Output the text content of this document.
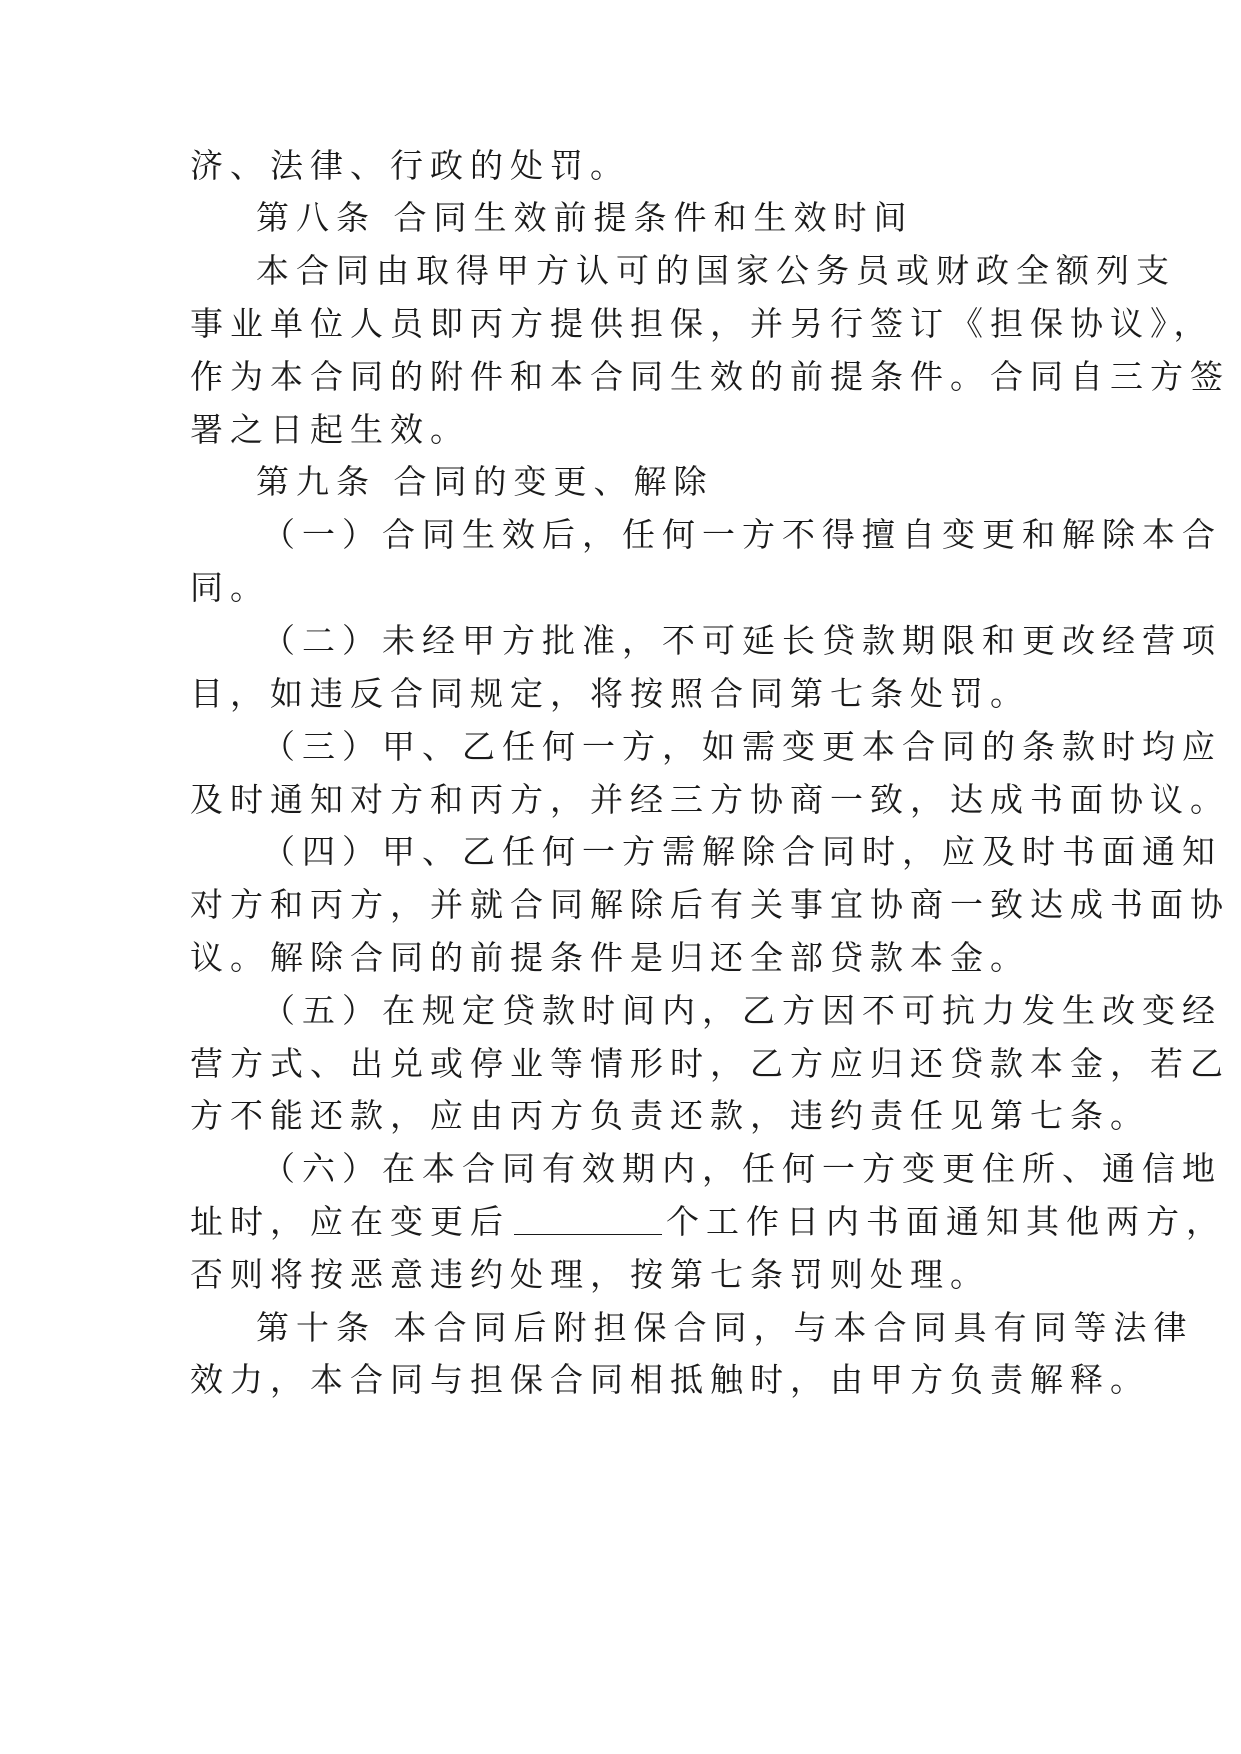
济、法律、行政的处罚。
第八条 合同生效前提条件和生效时间
本合同由取得甲方认可的国家公务员或财政全额列支
事业单位人员即丙方提供担保，并另行签订《担保协议》，
作为本合同的附件和本合同生效的前提条件。合同自三方签
署之日起生效。
第九条 合同的变更、解除
（一）合同生效后，任何一方不得擅自变更和解除本合
同。
（二）未经甲方批准，不可延长贷款期限和更改经营项
目，如违反合同规定，将按照合同第七条处罚。
（三）甲、乙任何一方，如需变更本合同的条款时均应
及时通知对方和丙方，并经三方协商一致，达成书面协议。
（四）甲、乙任何一方需解除合同时，应及时书面通知
对方和丙方，并就合同解除后有关事宜协商一致达成书面协
议。解除合同的前提条件是归还全部贷款本金。
（五）在规定贷款时间内，乙方因不可抗力发生改变经
营方式、出兑或停业等情形时，乙方应归还贷款本金，若乙
方不能还款，应由丙方负责还款，违约责任见第七条。
（六）在本合同有效期内，任何一方变更住所、通信地
址时，应在变更后	个工作日内书面通知其他两方，
否则将按恶意违约处理，按第七条罚则处理。
第十条 本合同后附担保合同，与本合同具有同等法律
效力，本合同与担保合同相抵触时，由甲方负责解释。
